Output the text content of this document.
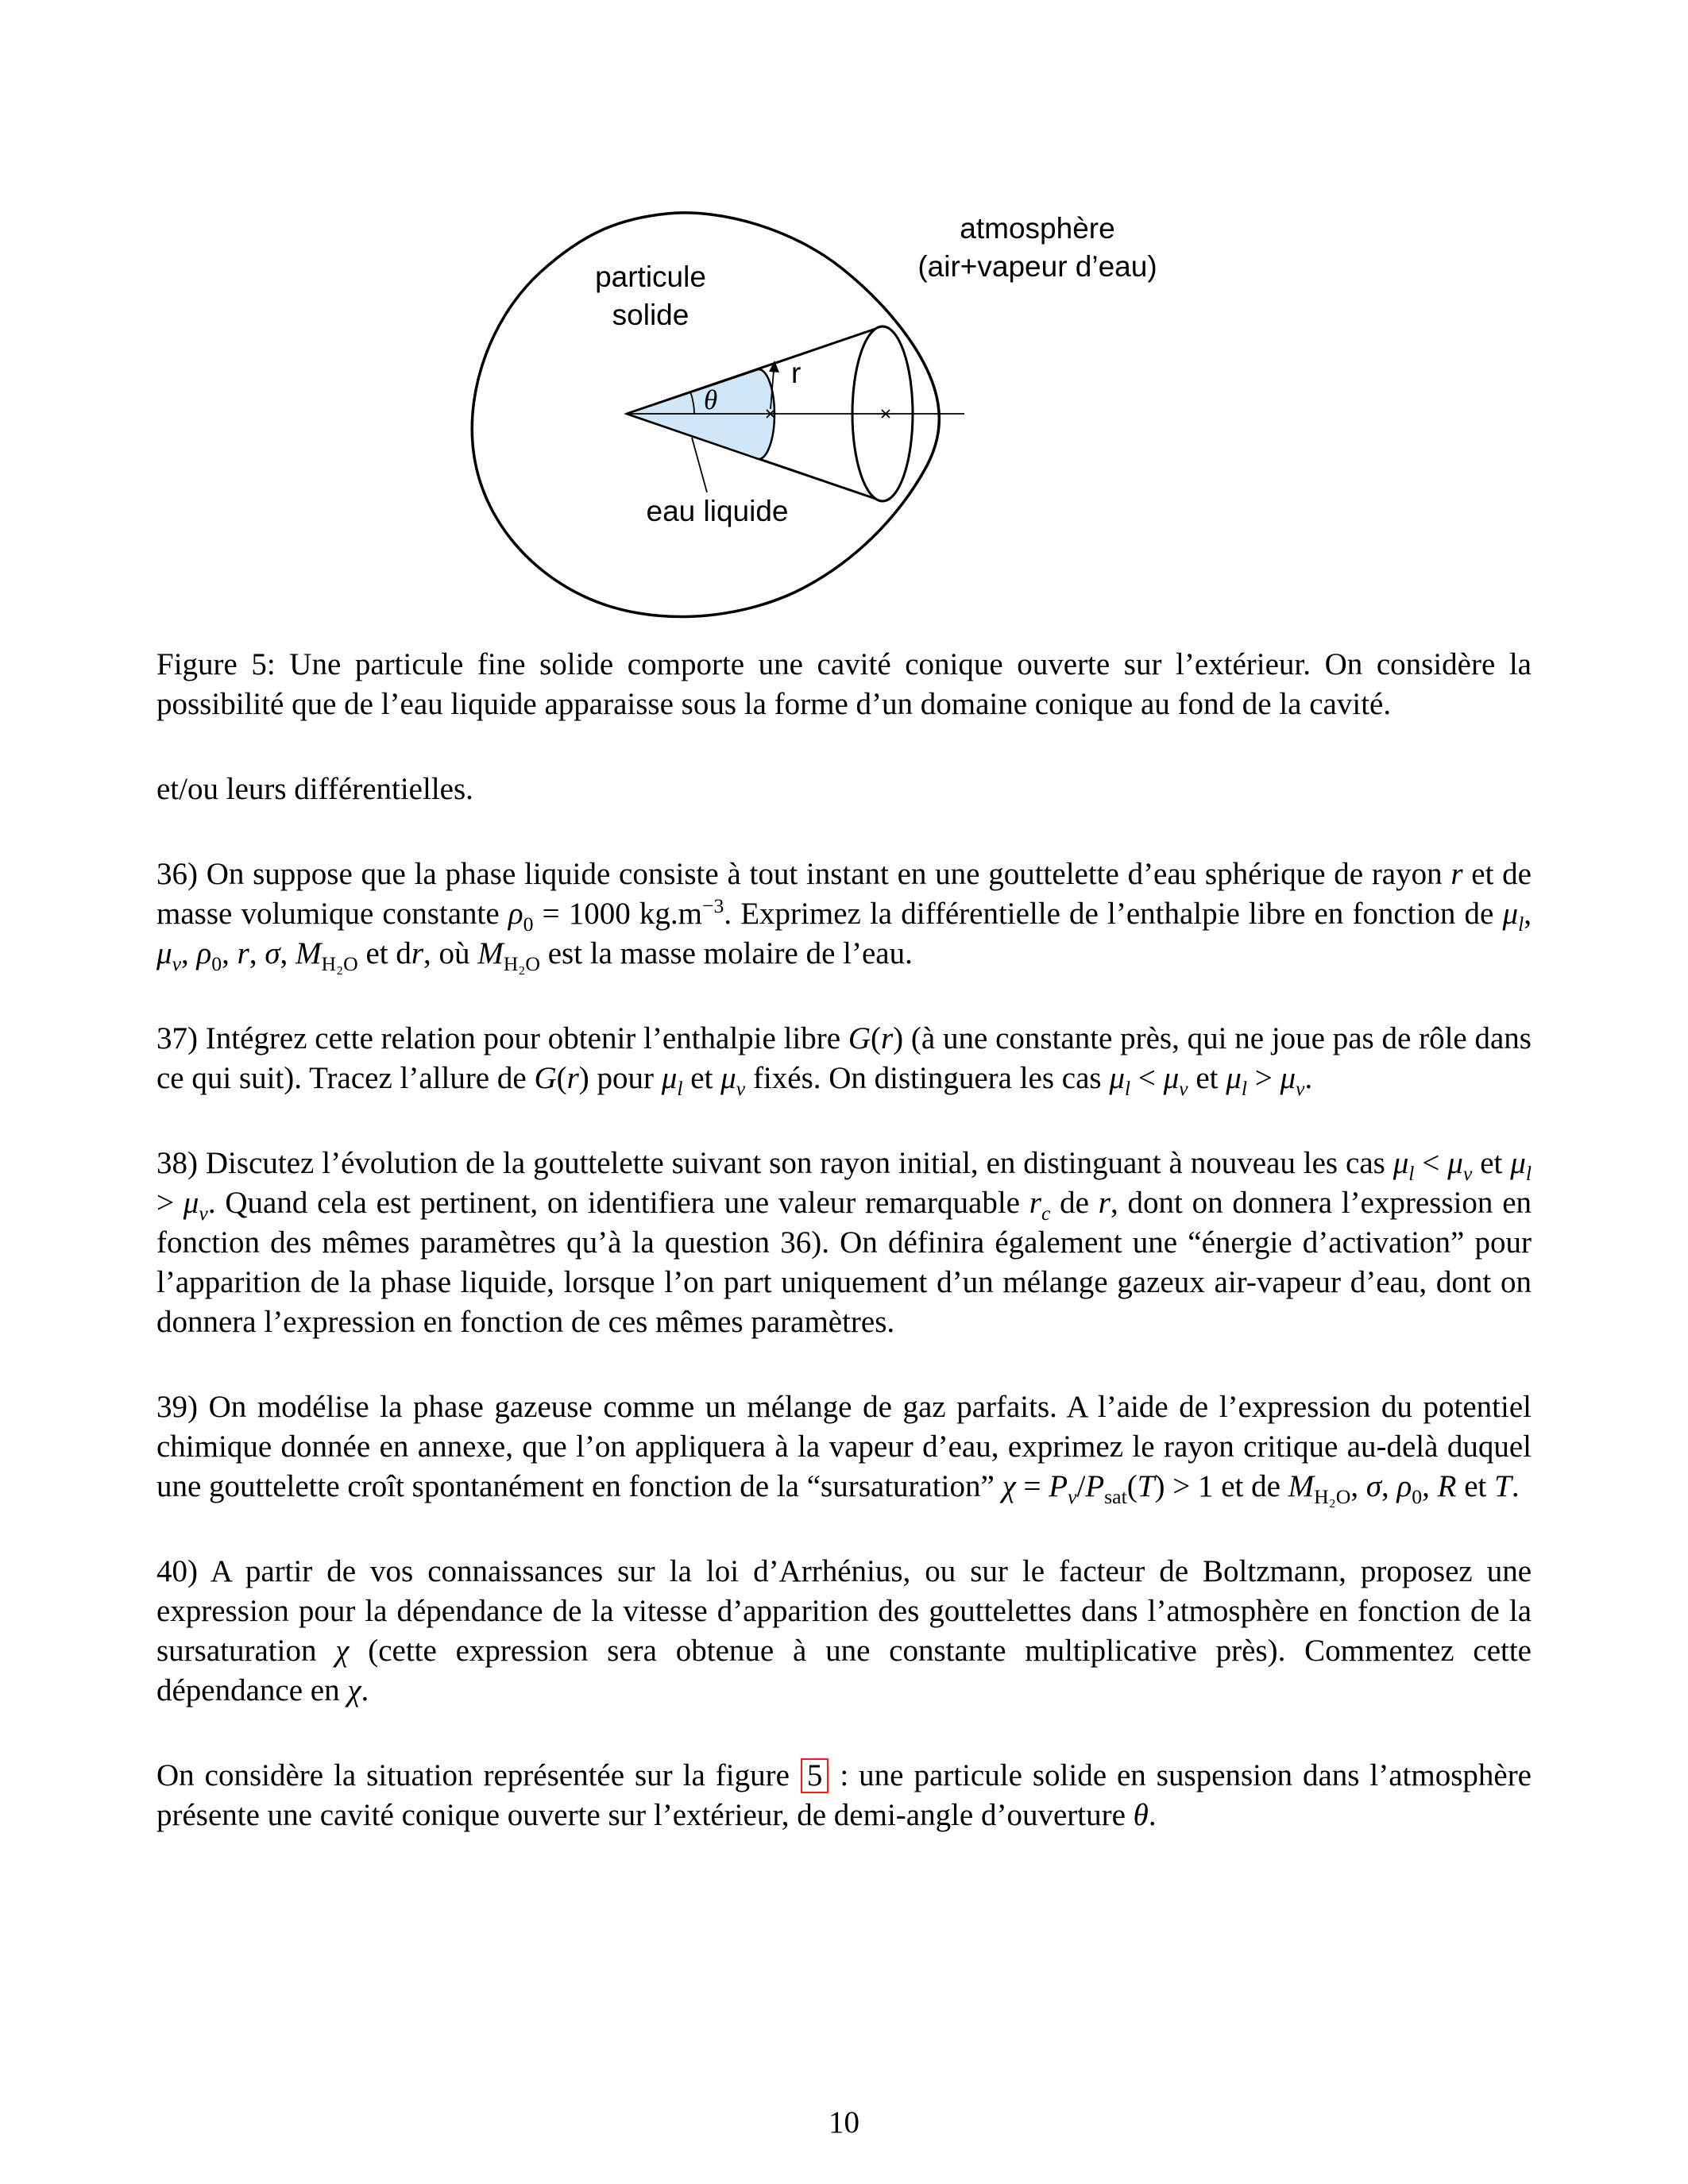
particule
solide
atmosphère
(air+vapeur d’eau)
eau liquide
θ
r

Figure 5: Une particule fine solide comporte une cavité conique ouverte sur l’extérieur. On considère la possibilité que de l’eau liquide apparaisse sous la forme d’un domaine conique au fond de la cavité.

et/ou leurs différentielles.

36) On suppose que la phase liquide consiste à tout instant en une gouttelette d’eau sphérique de rayon r et de masse volumique constante $\rho_0 = 1000$ $kg.m^{-3}$. Exprimez la différentielle de l’enthalpie libre en fonction de $\mu_l$, $\mu_v$, $\rho_0$, r, σ, $M_{H_2O}$ et dr, où $M_{H_2O}$ est la masse molaire de l’eau.

37) Intégrez cette relation pour obtenir l’enthalpie libre G(r) (à une constante près, qui ne joue pas de rôle dans ce qui suit). Tracez l’allure de G(r) pour $\mu_l$ et $\mu_v$ fixés. On distinguera les cas $\mu_l < \mu_v$ et $\mu_l > \mu_v$.

38) Discutez l’évolution de la gouttelette suivant son rayon initial, en distinguant à nouveau les cas $\mu_l < \mu_v$ et $\mu_l > \mu_v$. Quand cela est pertinent, on identifiera une valeur remarquable $r_c$ de r, dont on donnera l’expression en fonction des mêmes paramètres qu’à la question 36). On définira également une “énergie d’activation” pour l’apparition de la phase liquide, lorsque l’on part uniquement d’un mélange gazeux air-vapeur d’eau, dont on donnera l’expression en fonction de ces mêmes paramètres.

39) On modélise la phase gazeuse comme un mélange de gaz parfaits. A l’aide de l’expression du potentiel chimique donnée en annexe, que l’on appliquera à la vapeur d’eau, exprimez le rayon critique au-delà duquel une gouttelette croît spontanément en fonction de la “sursaturation” $\chi = P_v/P_{sat}(T) > 1$ et de $M_{H_2O}$, σ, $\rho_0$, R et T.

40) A partir de vos connaissances sur la loi d’Arrhénius, ou sur le facteur de Boltzmann, proposez une expression pour la dépendance de la vitesse d’apparition des gouttelettes dans l’atmosphère en fonction de la sursaturation χ (cette expression sera obtenue à une constante multiplicative près). Commentez cette dépendance en χ.

On considère la situation représentée sur la figure 5 : une particule solide en suspension dans l’atmosphère présente une cavité conique ouverte sur l’extérieur, de demi-angle d’ouverture θ.

10
